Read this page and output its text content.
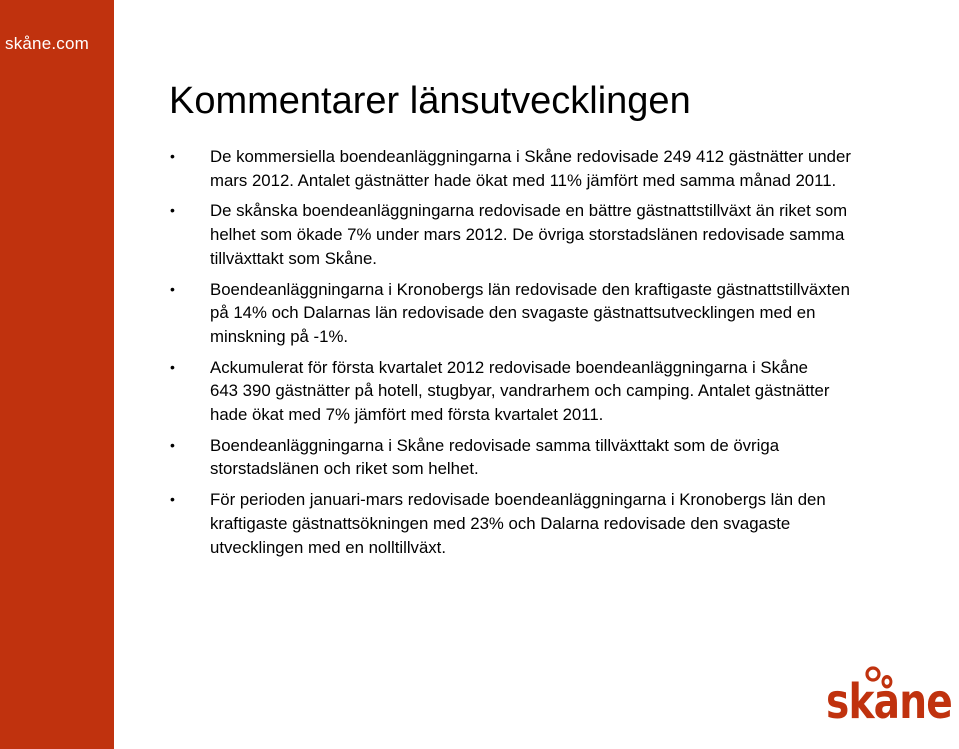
skåne.com
Kommentarer länsutvecklingen
• De kommersiella boendeanläggningarna i Skåne redovisade 249 412 gästnätter under
mars 2012. Antalet gästnätter hade ökat med 11% jämfört med samma månad 2011.
• De skånska boendeanläggningarna redovisade en bättre gästnattstillväxt än riket som
helhet som ökade 7% under mars 2012. De övriga storstadslänen redovisade samma
tillväxttakt som Skåne.
• Boendeanläggningarna i Kronobergs län redovisade den kraftigaste gästnattstillväxten
på 14% och Dalarnas län redovisade den svagaste gästnattsutvecklingen med en
minskning på -1%.
• Ackumulerat för första kvartalet 2012 redovisade boendeanläggningarna i Skåne
643 390 gästnätter på hotell, stugbyar, vandrarhem och camping. Antalet gästnätter
hade ökat med 7% jämfört med första kvartalet 2011.
• Boendeanläggningarna i Skåne redovisade samma tillväxttakt som de övriga
storstadslänen och riket som helhet.
• För perioden januari-mars redovisade boendeanläggningarna i Kronobergs län den
kraftigaste gästnattsökningen med 23% och Dalarna redovisade den svagaste
utvecklingen med en nolltillväxt.
skåne
